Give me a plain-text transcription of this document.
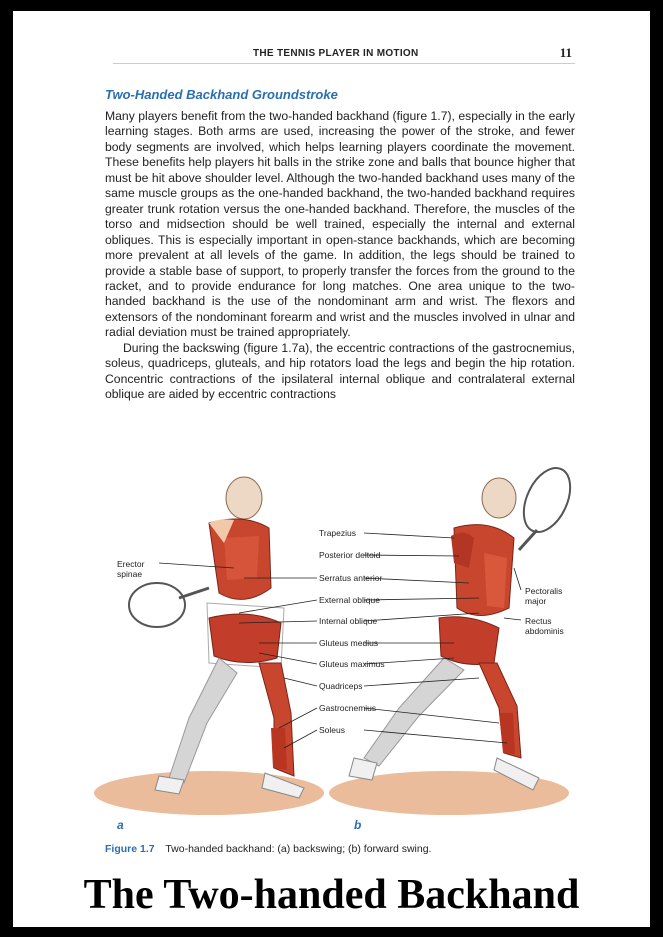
THE TENNIS PLAYER IN MOTION	11
Two-Handed Backhand Groundstroke

Many players benefit from the two-handed backhand (figure 1.7), especially in the early learning stages. Both arms are used, increasing the power of the stroke, and fewer body segments are involved, which helps learning players coordinate the movement. These benefits help players hit balls in the strike zone and balls that bounce higher that must be hit above shoulder level. Although the two-handed backhand uses many of the same muscle groups as the one-handed backhand, the two-handed backhand requires greater trunk rotation versus the one-handed backhand. Therefore, the muscles of the torso and midsection should be well trained, especially the internal and external obliques. This is especially important in open-stance backhands, which are becoming more prevalent at all levels of the game. In addition, the legs should be trained to provide a stable base of support, to properly transfer the forces from the ground to the racket, and to provide endurance for long matches. One area unique to the two-handed backhand is the use of the nondominant arm and wrist. The flexors and extensors of the nondominant forearm and wrist and the muscles involved in ulnar and radial deviation must be trained appropriately.

During the backswing (figure 1.7a), the eccentric contractions of the gastrocnemius, soleus, quadriceps, gluteals, and hip rotators load the legs and begin the hip rotation. Concentric contractions of the ipsilateral internal oblique and contralateral external oblique are aided by eccentric contractions

Erector
spinae
Trapezius
Posterior deltoid
Serratus anterior
External oblique
Internal oblique
Gluteus medius
Gluteus maximus
Quadriceps
Gastrocnemius
Soleus
Pectoralis
major
Rectus
abdominis
a	b
Figure 1.7 Two-handed backhand: (a) backswing; (b) forward swing.
The Two-handed Backhand
